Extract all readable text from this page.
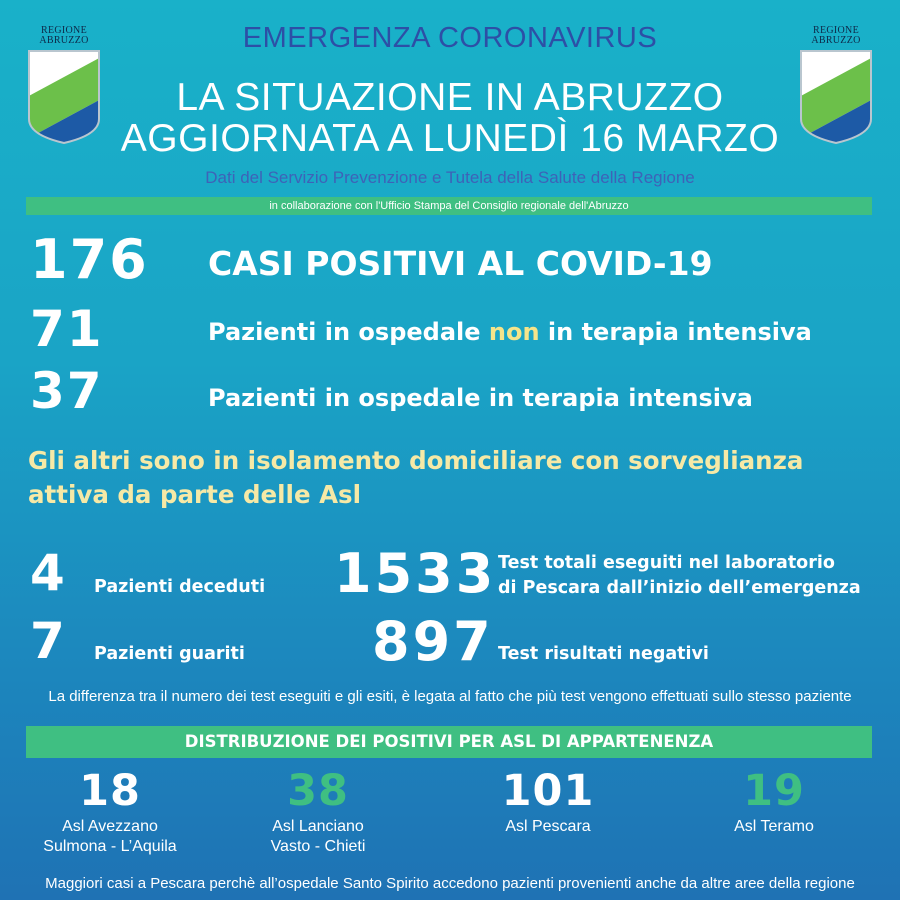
REGIONE
ABRUZZO
REGIONE
ABRUZZO
EMERGENZA CORONAVIRUS
LA SITUAZIONE IN ABRUZZO
AGGIORNATA A LUNEDÌ 16 MARZO
Dati del Servizio Prevenzione e Tutela della Salute della Regione
in collaborazione con l'Ufficio Stampa del Consiglio regionale dell'Abruzzo
176 CASI POSITIVI AL COVID-19
71	Pazienti in ospedale non in terapia intensiva
37	Pazienti in ospedale in terapia intensiva
Gli altri sono in isolamento domiciliare con sorveglianza
attiva da parte delle Asl
4 Pazienti deceduti
7 Pazienti guariti
1533 Test totali eseguiti nel laboratorio
di Pescara dall’inizio dell’emergenza
897 Test risultati negativi
La differenza tra il numero dei test eseguiti e gli esiti, è legata al fatto che più test vengono effettuati sullo stesso paziente
DISTRIBUZIONE DEI POSITIVI PER ASL DI APPARTENENZA
18
Asl Avezzano
Sulmona - L’Aquila
38
Asl Lanciano
Vasto - Chieti
101
Asl Pescara
19
Asl Teramo
Maggiori casi a Pescara perchè all’ospedale Santo Spirito accedono pazienti provenienti anche da altre aree della regione
